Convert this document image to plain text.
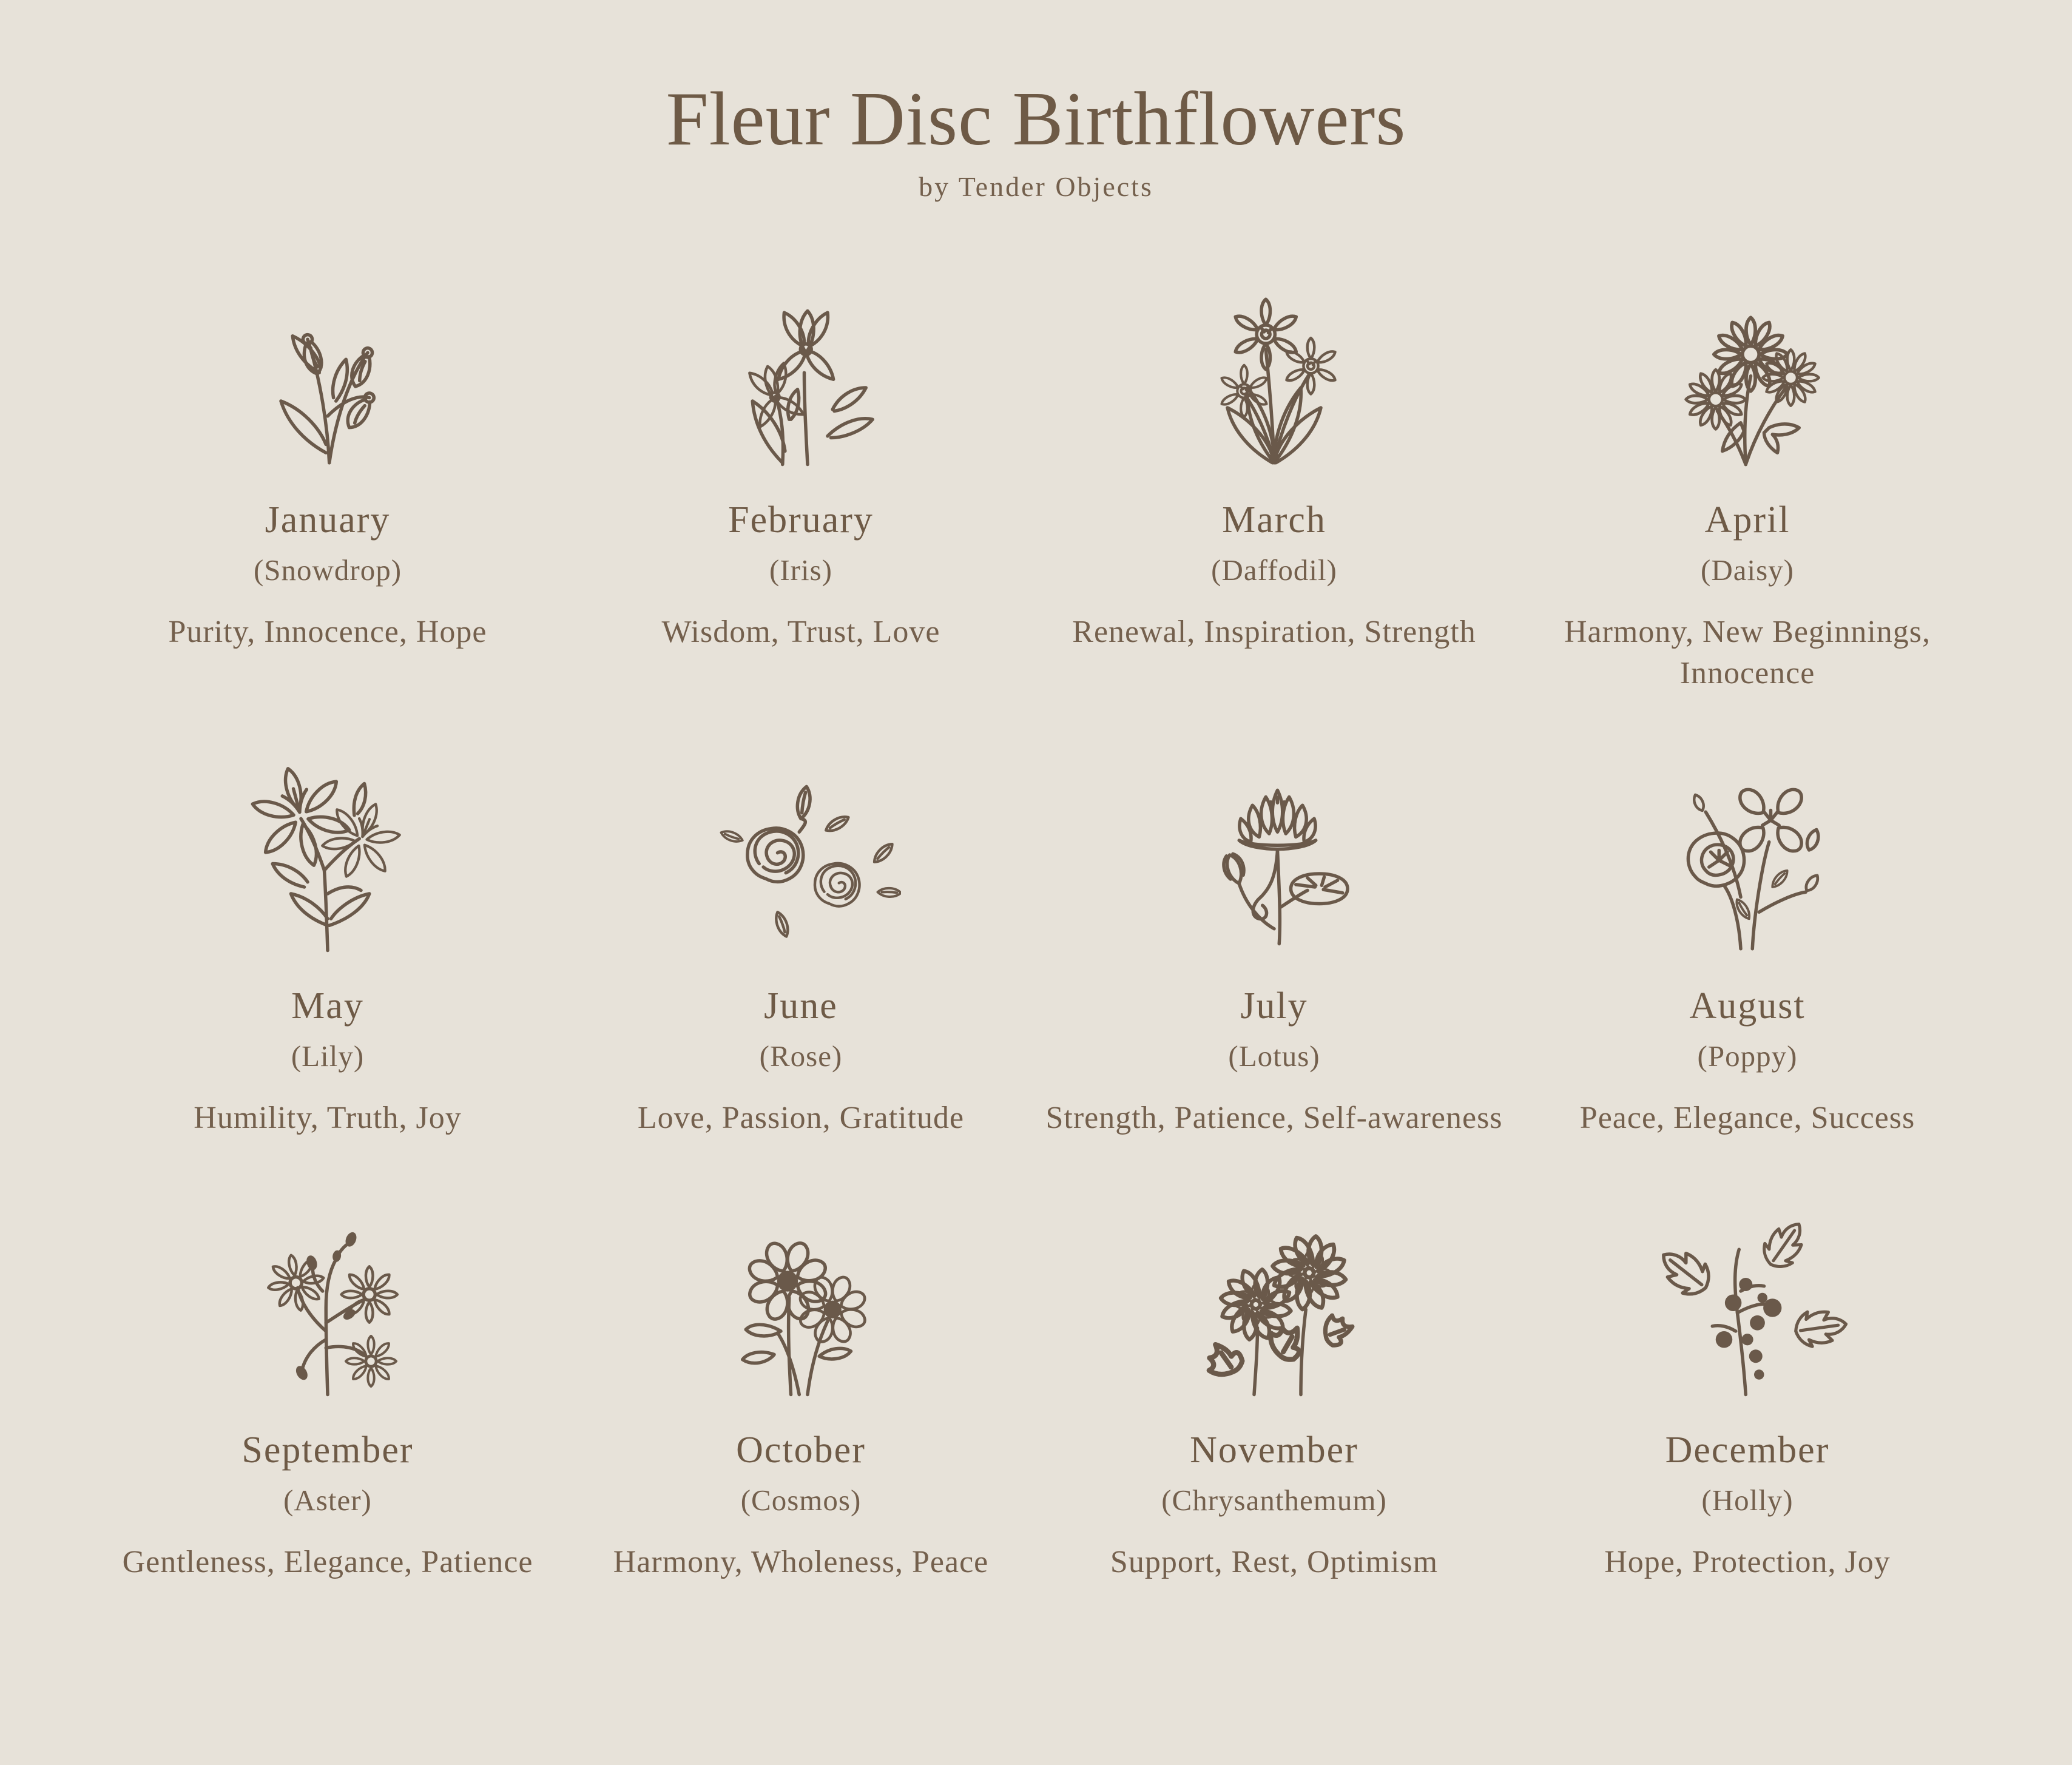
Fleur Disc Birthflowers
by Tender Objects
January
(Snowdrop)
Purity, Innocence, Hope
February
(Iris)
Wisdom, Trust, Love
March
(Daffodil)
Renewal, Inspiration, Strength
April
(Daisy)
Harmony, New Beginnings, Innocence
May
(Lily)
Humility, Truth, Joy
June
(Rose)
Love, Passion, Gratitude
July
(Lotus)
Strength, Patience, Self-awareness
August
(Poppy)
Peace, Elegance, Success
September
(Aster)
Gentleness, Elegance, Patience
October
(Cosmos)
Harmony, Wholeness, Peace
November
(Chrysanthemum)
Support, Rest, Optimism
December
(Holly)
Hope, Protection, Joy
